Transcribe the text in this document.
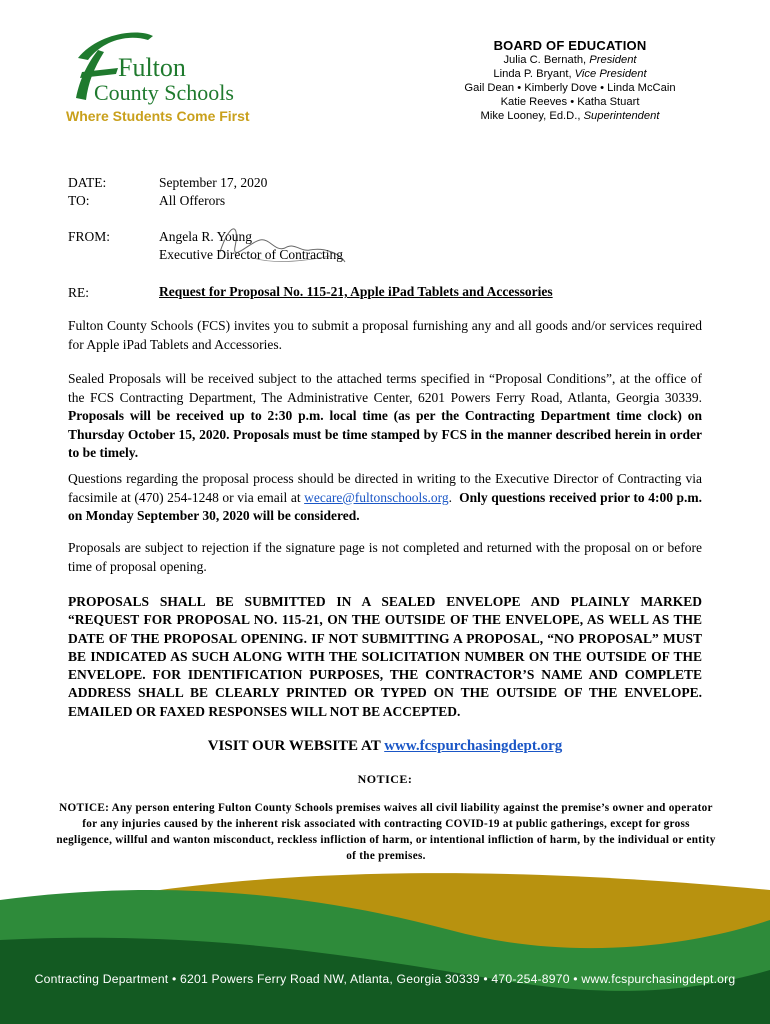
Fulton
County Schools
Where Students Come First
BOARD OF EDUCATION
Julia C. Bernath, President
Linda P. Bryant, Vice President
Gail Dean • Kimberly Dove • Linda McCain
Katie Reeves • Katha Stuart
Mike Looney, Ed.D., Superintendent
DATE:	September 17, 2020
TO:	All Offerors
FROM:	Angela R. Young
Executive Director of Contracting
RE:	Request for Proposal No. 115-21, Apple iPad Tablets and Accessories
Fulton County Schools (FCS) invites you to submit a proposal furnishing any and all goods and/or services required for Apple iPad Tablets and Accessories.
Sealed Proposals will be received subject to the attached terms specified in “Proposal Conditions”, at the office of the FCS Contracting Department, The Administrative Center, 6201 Powers Ferry Road, Atlanta, Georgia 30339. Proposals will be received up to 2:30 p.m. local time (as per the Contracting Department time clock) on Thursday October 15, 2020. Proposals must be time stamped by FCS in the manner described herein in order to be timely.
Questions regarding the proposal process should be directed in writing to the Executive Director of Contracting via facsimile at (470) 254-1248 or via email at wecare@fultonschools.org. Only questions received prior to 4:00 p.m. on Monday September 30, 2020 will be considered.
Proposals are subject to rejection if the signature page is not completed and returned with the proposal on or before time of proposal opening.
PROPOSALS SHALL BE SUBMITTED IN A SEALED ENVELOPE AND PLAINLY MARKED “REQUEST FOR PROPOSAL NO. 115-21, ON THE OUTSIDE OF THE ENVELOPE, AS WELL AS THE DATE OF THE PROPOSAL OPENING. IF NOT SUBMITTING A PROPOSAL, “NO PROPOSAL” MUST BE INDICATED AS SUCH ALONG WITH THE SOLICITATION NUMBER ON THE OUTSIDE OF THE ENVELOPE. FOR IDENTIFICATION PURPOSES, THE CONTRACTOR’S NAME AND COMPLETE ADDRESS SHALL BE CLEARLY PRINTED OR TYPED ON THE OUTSIDE OF THE ENVELOPE. EMAILED OR FAXED RESPONSES WILL NOT BE ACCEPTED.
VISIT OUR WEBSITE AT www.fcspurchasingdept.org
NOTICE:
NOTICE: Any person entering Fulton County Schools premises waives all civil liability against the premise’s owner and operator for any injuries caused by the inherent risk associated with contracting COVID-19 at public gatherings, except for gross negligence, willful and wanton misconduct, reckless infliction of harm, or intentional infliction of harm, by the individual or entity of the premises.
Contracting Department • 6201 Powers Ferry Road NW, Atlanta, Georgia 30339 • 470-254-8970 • www.fcspurchasingdept.org
